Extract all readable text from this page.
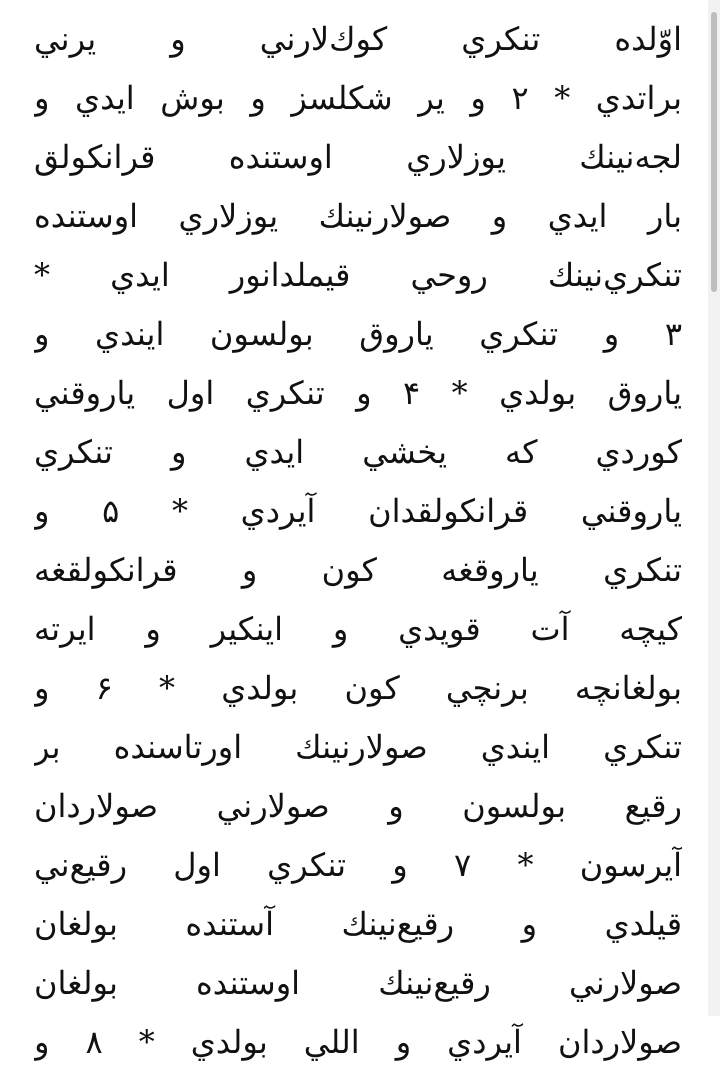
اوّلده تنكري كوك‌لارني و يرني
براتدي * ۲ و ير شكلسز و بوش ايدي و
لجه‌نينك يوزلاري اوستنده قرانكولق
بار ايدي و صولارنينك يوزلاري اوستنده
تنكري‌نينك روحي قيملدانور ايدي *
۳ و تنكري ياروق بولسون ايندي و
ياروق بولدي * ۴ و تنكري اول ياروقني
كوردي كه يخشي ايدي و تنكري
ياروقني قرانكولقدان آيردي * ۵ و
تنكري ياروقغه كون و قرانكولقغه
كيچه آت قويدي و اينكير و ايرته
بولغانچه برنچي كون بولدي * ۶ و
تنكري ايندي صولارنينك اورتاسنده بر
رقيع بولسون و صولارني صولاردان
آيرسون * ۷ و تنكري اول رقيع‌ني
قيلدي و رقيع‌نينك آستنده بولغان
صولارني رقيع‌نينك اوستنده بولغان
صولاردان آيردي و اللي بولدي * ۸ و
